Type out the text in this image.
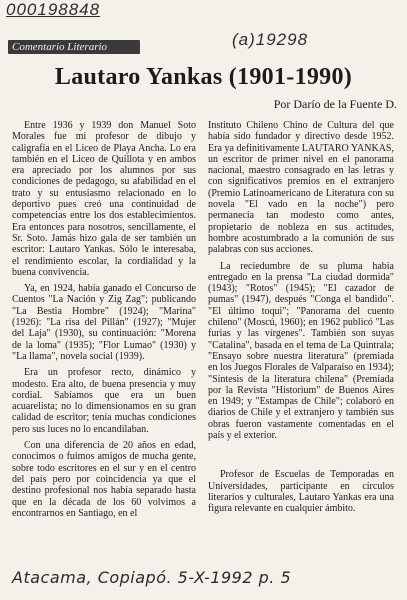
000198848
(a)19298
Comentario Literario
Lautaro Yankas (1901-1990)
Por Darío de la Fuente D.

Entre 1936 y 1939 don Manuel Soto Morales fue mi profesor de dibujo y caligrafía en el Liceo de Playa Ancha. Lo era también en el Liceo de Quillota y en ambos era apreciado por los alumnos por sus condiciones de pedagogo, su afabilidad en el trato y su entusiasmo relacionado en lo deportivo pues creó una continuidad de competencias entre los dos establecimientos. Era entonces para nosotros, sencillamente, el Sr. Soto. Jamás hizo gala de ser también un escritor: Lautaro Yankas. Sólo le interesaba, el rendimiento escolar, la cordialidad y la buena convivencia.

Ya, en 1924, había ganado el Concurso de Cuentos "La Nación y Zig Zag"; publicando "La Bestia Hombre" (1924); "Marina" (1926): "La risa del Pillán" (1927); "Mujer del Laja" (1930), su continuación: "Morena de la loma" (1935); "Flor Lumao" (1930) y "La llama", novela social (1939).

Era un profesor recto, dinámico y modesto. Era alto, de buena presencia y muy cordial. Sabíamos que era un buen acuarelista; no lo dimensionamos en su gran calidad de escritor; tenía muchas condiciones pero sus luces no lo encandilaban.

Con una diferencia de 20 años en edad, conocimos o fuimos amigos de mucha gente, sobre todo escritores en el sur y en el centro del país pero por coincidencia ya que el destino profesional nos había separado hasta que en la década de los 60 volvimos a encontrarnos en Santiago, en el

Instituto Chileno Chino de Cultura del que había sido fundador y directivo desde 1952. Era ya definitivamente LAUTARO YANKAS, un escritor de primer nivel en el panorama nacional, maestro consagrado en las letras y con significativos premios en el extranjero (Premio Latinoamericano de Literatura con su novela "El vado en la noche") pero permanecía tan modesto como antes, propietario de nobleza en sus actitudes, hombre acostumbrado a la comunión de sus palabras con sus acciones.

La reciedumbre de su pluma había entregado en la prensa "La ciudad dormida" (1943); "Rotos" (1945); "El cazador de pumas" (1947), después "Conga el bandido". "El último toqui"; "Panorama del cuento chileno" (Moscú, 1960); en 1962 publicó "Las furias y las vírgenes". También son suyas "Catalina", basada en el tema de La Quintrala; "Ensayo sobre nuestra literatura" (premiada en los Juegos Florales de Valparaíso en 1934); "Síntesis de la literatura chilena" (Premiada por la Revista "Historium" de Buenos Aires en 1949; y "Estampas de Chile"; colaboró en diarios de Chile y el extranjero y también sus obras fueron vastamente comentadas en el país y el exterior.

Profesor de Escuelas de Temporadas en Universidades, participante en círculos literarios y culturales, Lautaro Yankas era una figura relevante en cualquier ámbito.

Atacama, Copiapó. 5-X-1992 p. 5
